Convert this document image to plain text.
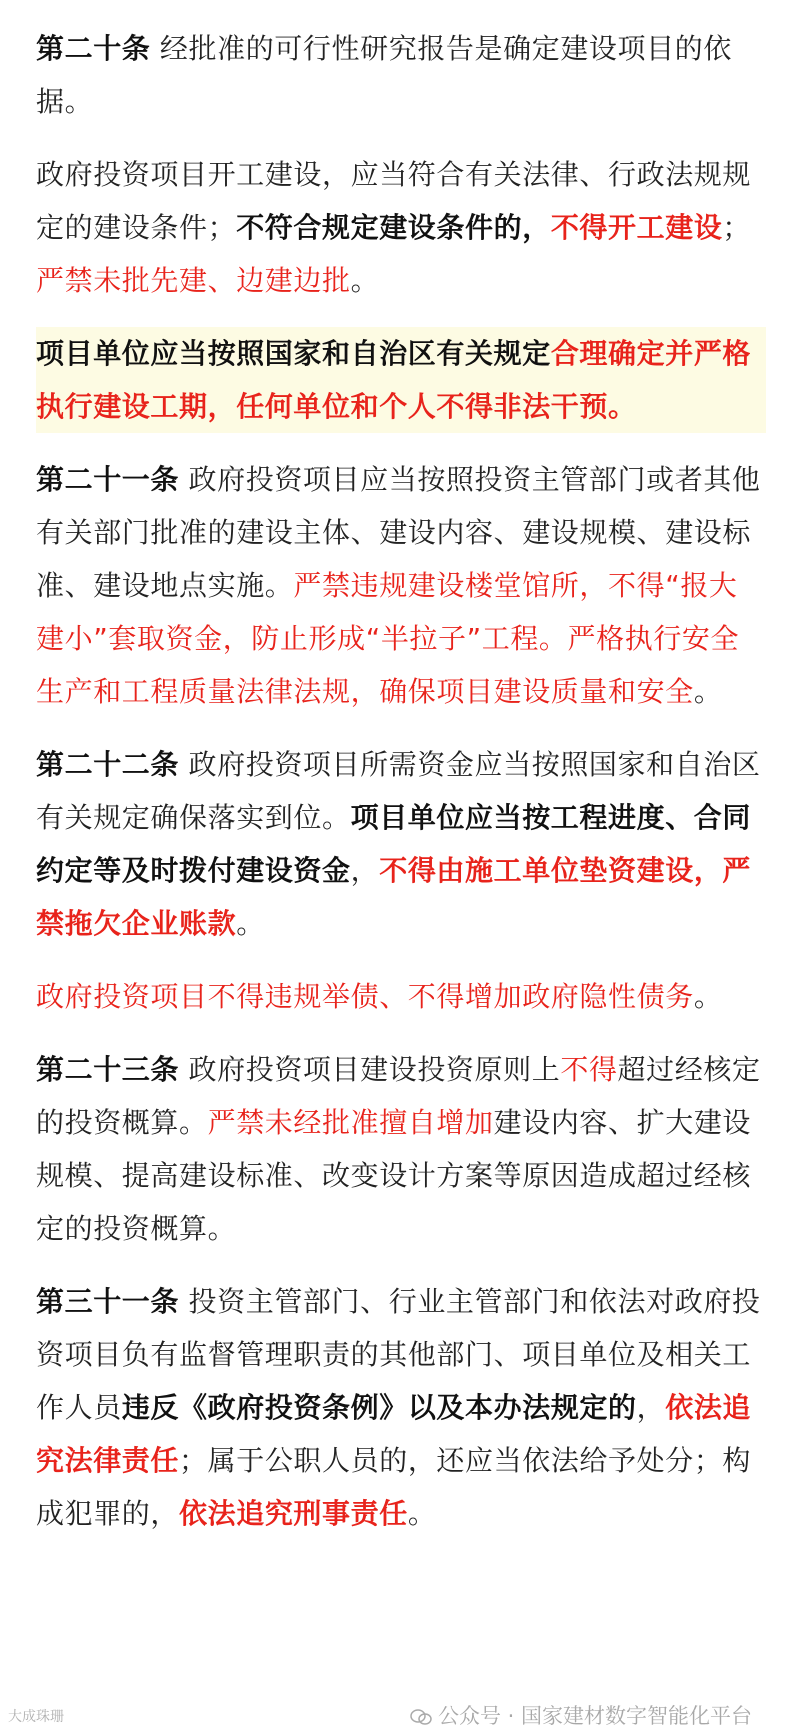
第二十条 经批准的可行性研究报告是确定建设项目的依据。

政府投资项目开工建设，应当符合有关法律、行政法规规定的建设条件；不符合规定建设条件的，不得开工建设；严禁未批先建、边建边批。

项目单位应当按照国家和自治区有关规定合理确定并严格执行建设工期，任何单位和个人不得非法干预。

第二十一条 政府投资项目应当按照投资主管部门或者其他有关部门批准的建设主体、建设内容、建设规模、建设标准、建设地点实施。严禁违规建设楼堂馆所，不得“报大建小”套取资金，防止形成“半拉子”工程。严格执行安全生产和工程质量法律法规，确保项目建设质量和安全。

第二十二条 政府投资项目所需资金应当按照国家和自治区有关规定确保落实到位。项目单位应当按工程进度、合同约定等及时拨付建设资金，不得由施工单位垫资建设，严禁拖欠企业账款。

政府投资项目不得违规举债、不得增加政府隐性债务。

第二十三条 政府投资项目建设投资原则上不得超过经核定的投资概算。严禁未经批准擅自增加建设内容、扩大建设规模、提高建设标准、改变设计方案等原因造成超过经核定的投资概算。

第三十一条 投资主管部门、行业主管部门和依法对政府投资项目负有监督管理职责的其他部门、项目单位及相关工作人员违反《政府投资条例》以及本办法规定的，依法追究法律责任；属于公职人员的，还应当依法给予处分；构成犯罪的，依法追究刑事责任。

大成珠珊	公众号 · 国家建材数字智能化平台
